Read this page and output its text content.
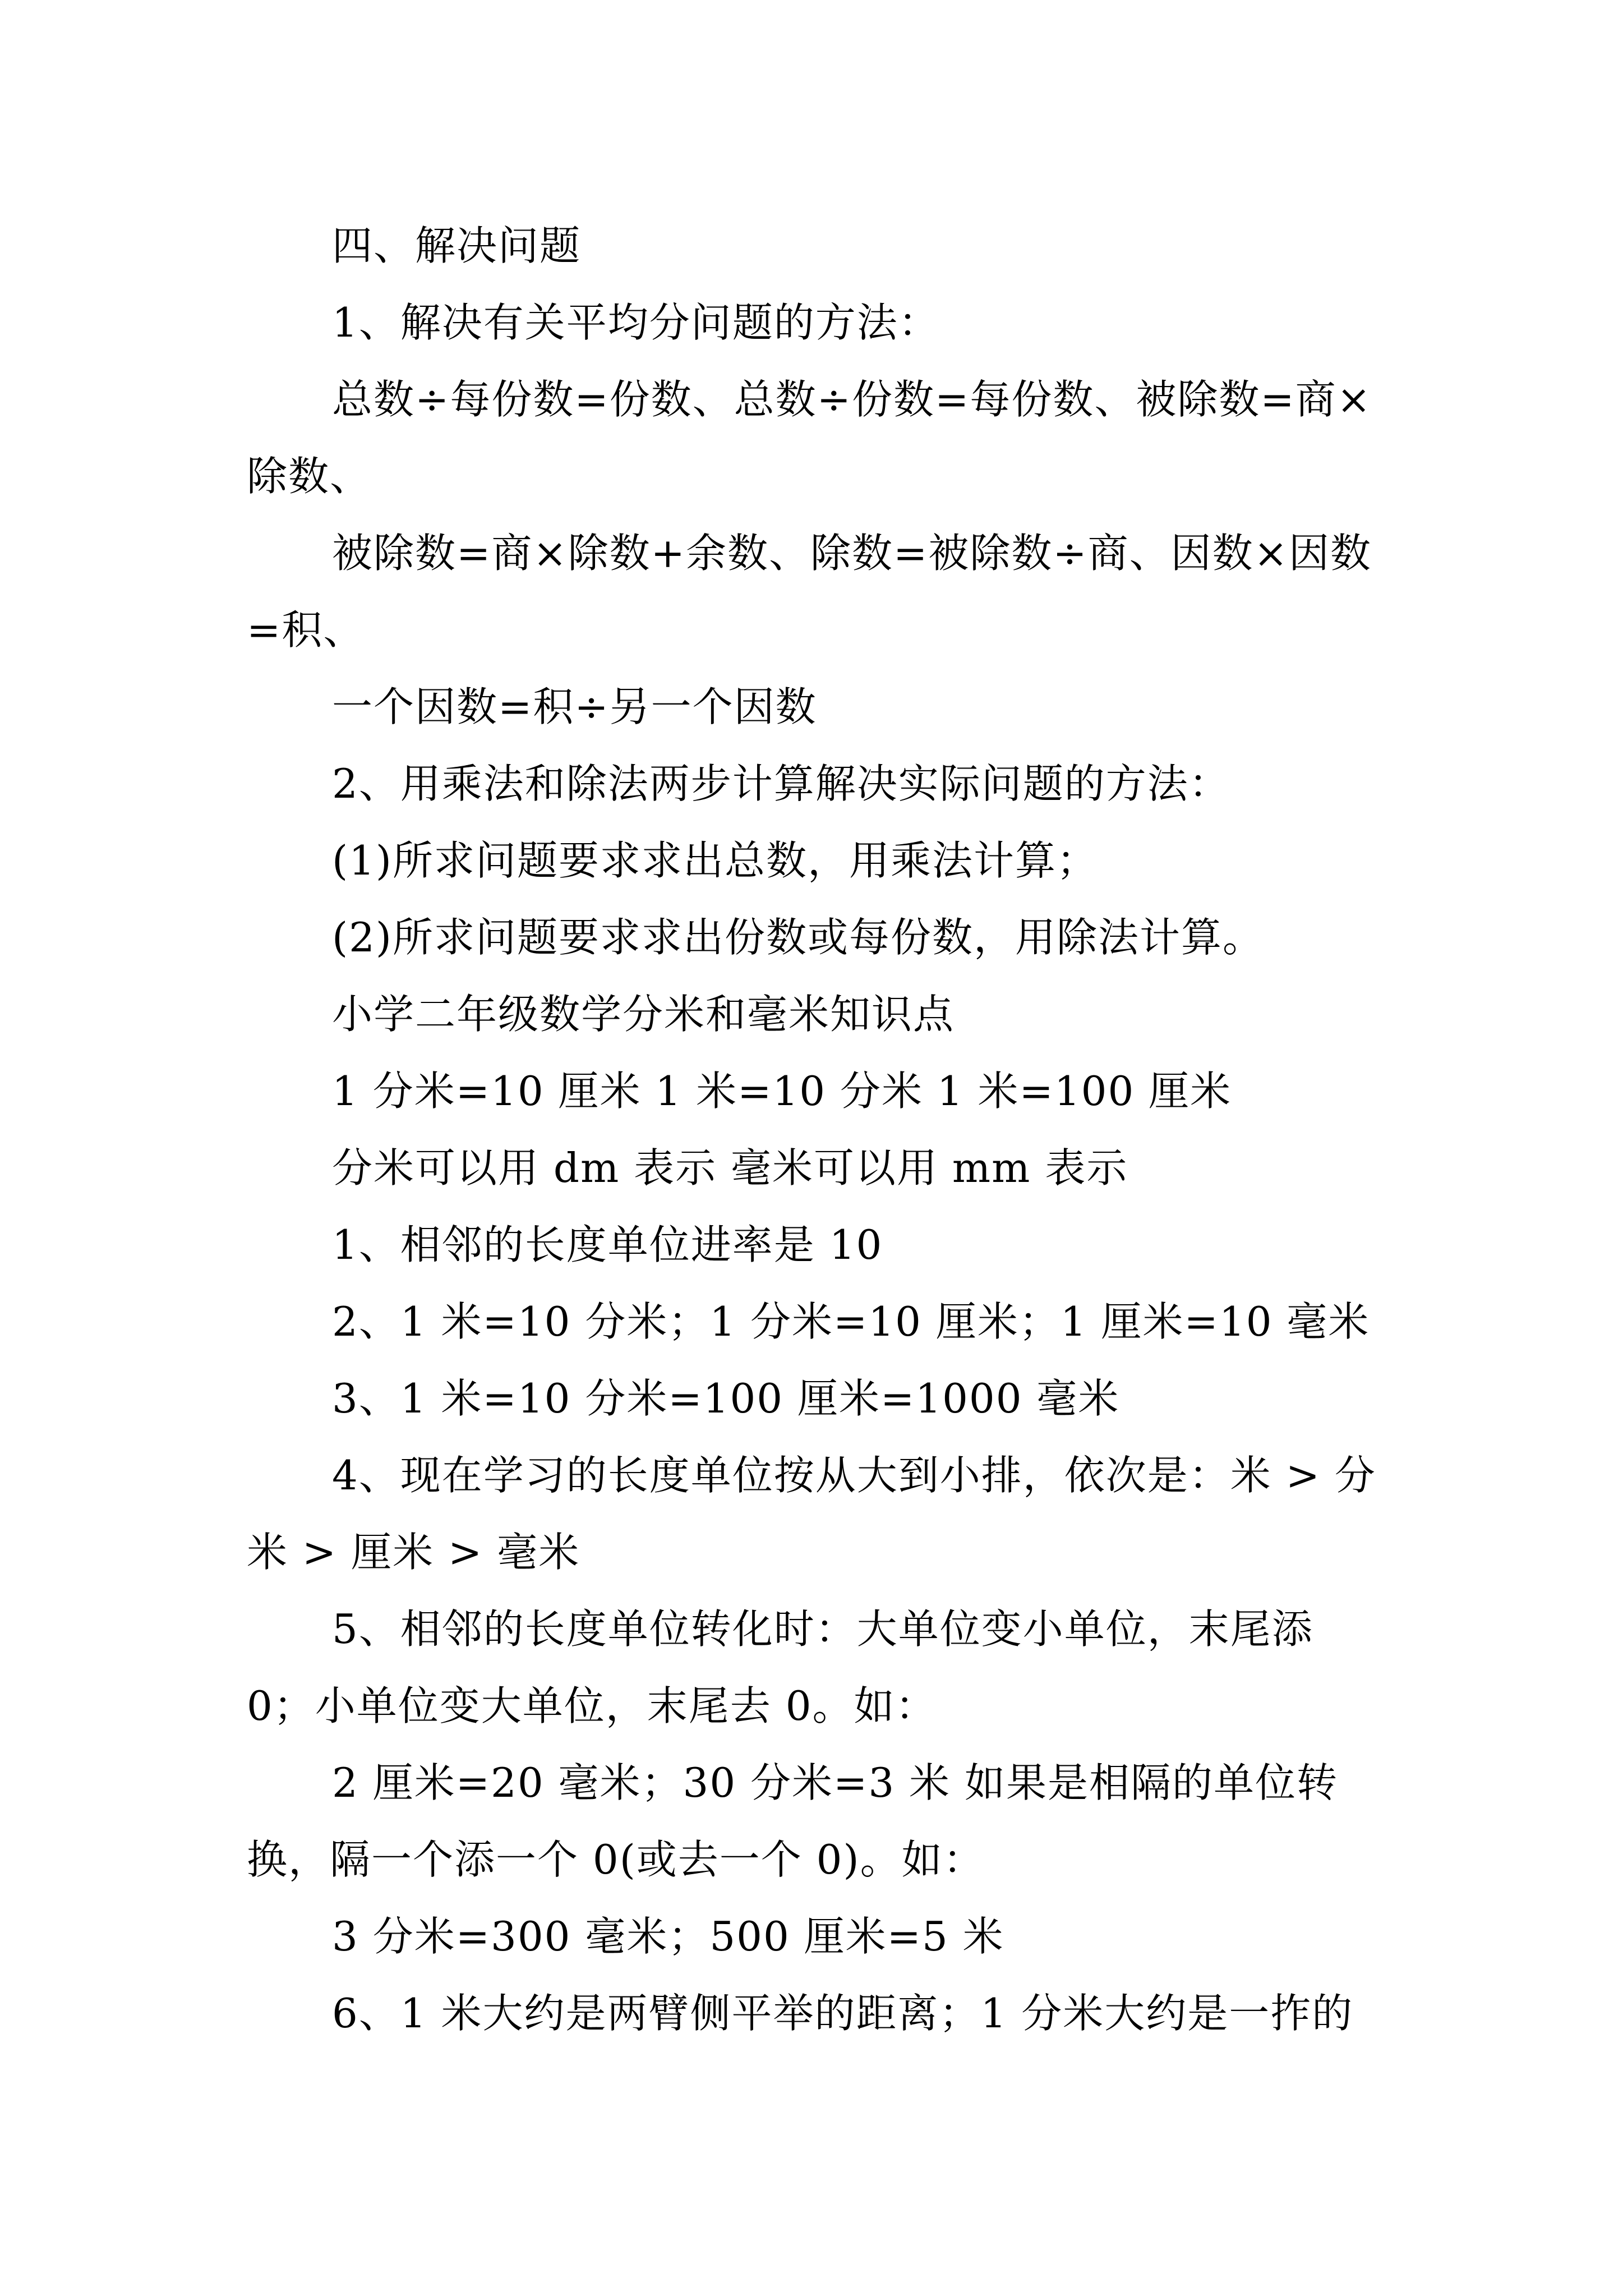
四、解决问题

1、解决有关平均分问题的方法：

总数÷每份数=份数、总数÷份数=每份数、被除数=商×除数、

被除数=商×除数+余数、除数=被除数÷商、因数×因数=积、

一个因数=积÷另一个因数

2、用乘法和除法两步计算解决实际问题的方法：

(1)所求问题要求求出总数，用乘法计算；

(2)所求问题要求求出份数或每份数，用除法计算。

小学二年级数学分米和毫米知识点

1 分米=10 厘米 1 米=10 分米 1 米=100 厘米

分米可以用 dm 表示 毫米可以用 mm 表示

1、相邻的长度单位进率是 10

2、1 米=10 分米；1 分米=10 厘米；1 厘米=10 毫米

3、1 米=10 分米=100 厘米=1000 毫米

4、现在学习的长度单位按从大到小排，依次是：米 > 分米 > 厘米 > 毫米

5、相邻的长度单位转化时：大单位变小单位，末尾添 0；小单位变大单位，末尾去 0。如：

2 厘米=20 毫米；30 分米=3 米 如果是相隔的单位转换，隔一个添一个 0(或去一个 0)。如：

3 分米=300 毫米；500 厘米=5 米

6、1 米大约是两臂侧平举的距离；1 分米大约是一拃的
